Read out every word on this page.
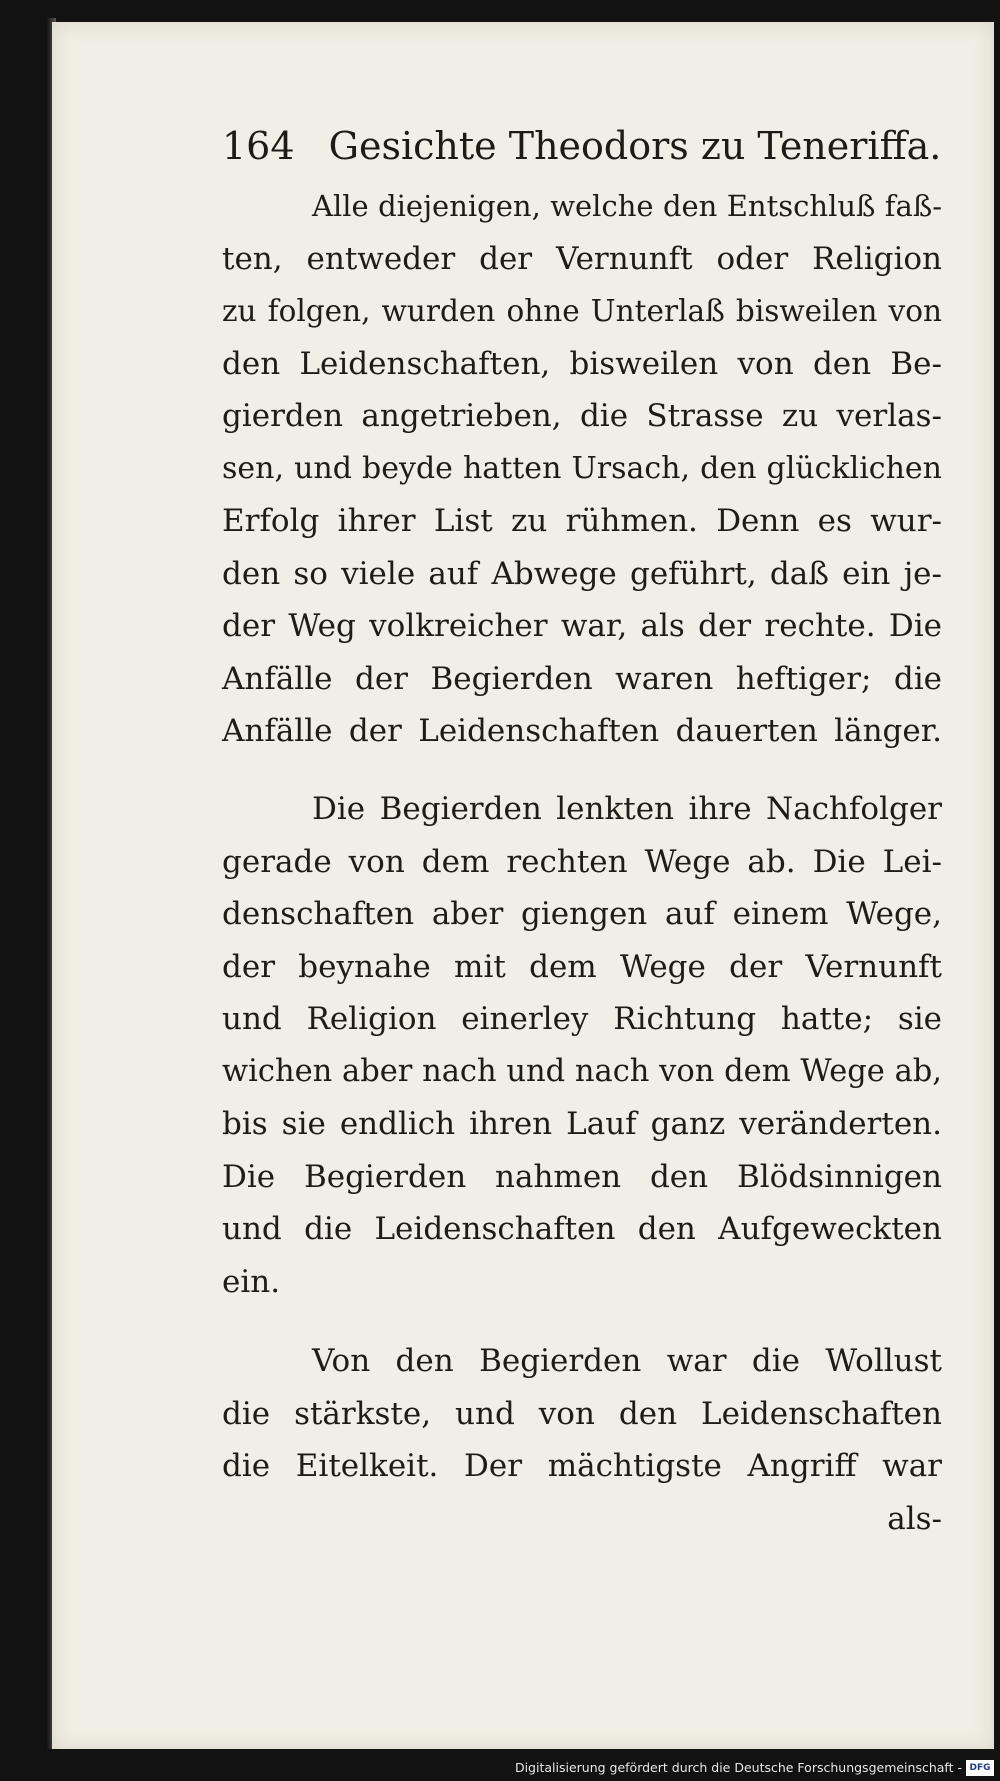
164 Gesichte Theodors zu Teneriffa.
Alle diejenigen, welche den Entschluß faß-
ten, entweder der Vernunft oder Religion
zu folgen, wurden ohne Unterlaß bisweilen von
den Leidenschaften, bisweilen von den Be-
gierden angetrieben, die Strasse zu verlas-
sen, und beyde hatten Ursach, den glücklichen
Erfolg ihrer List zu rühmen. Denn es wur-
den so viele auf Abwege geführt, daß ein je-
der Weg volkreicher war, als der rechte. Die
Anfälle der Begierden waren heftiger; die
Anfälle der Leidenschaften dauerten länger.
Die Begierden lenkten ihre Nachfolger
gerade von dem rechten Wege ab. Die Lei-
denschaften aber giengen auf einem Wege,
der beynahe mit dem Wege der Vernunft
und Religion einerley Richtung hatte; sie
wichen aber nach und nach von dem Wege ab,
bis sie endlich ihren Lauf ganz veränderten.
Die Begierden nahmen den Blödsinnigen
und die Leidenschaften den Aufgeweckten
ein.
Von den Begierden war die Wollust
die stärkste, und von den Leidenschaften
die Eitelkeit. Der mächtigste Angriff war
als-
Digitalisierung gefördert durch die Deutsche Forschungsgemeinschaft - DFG
